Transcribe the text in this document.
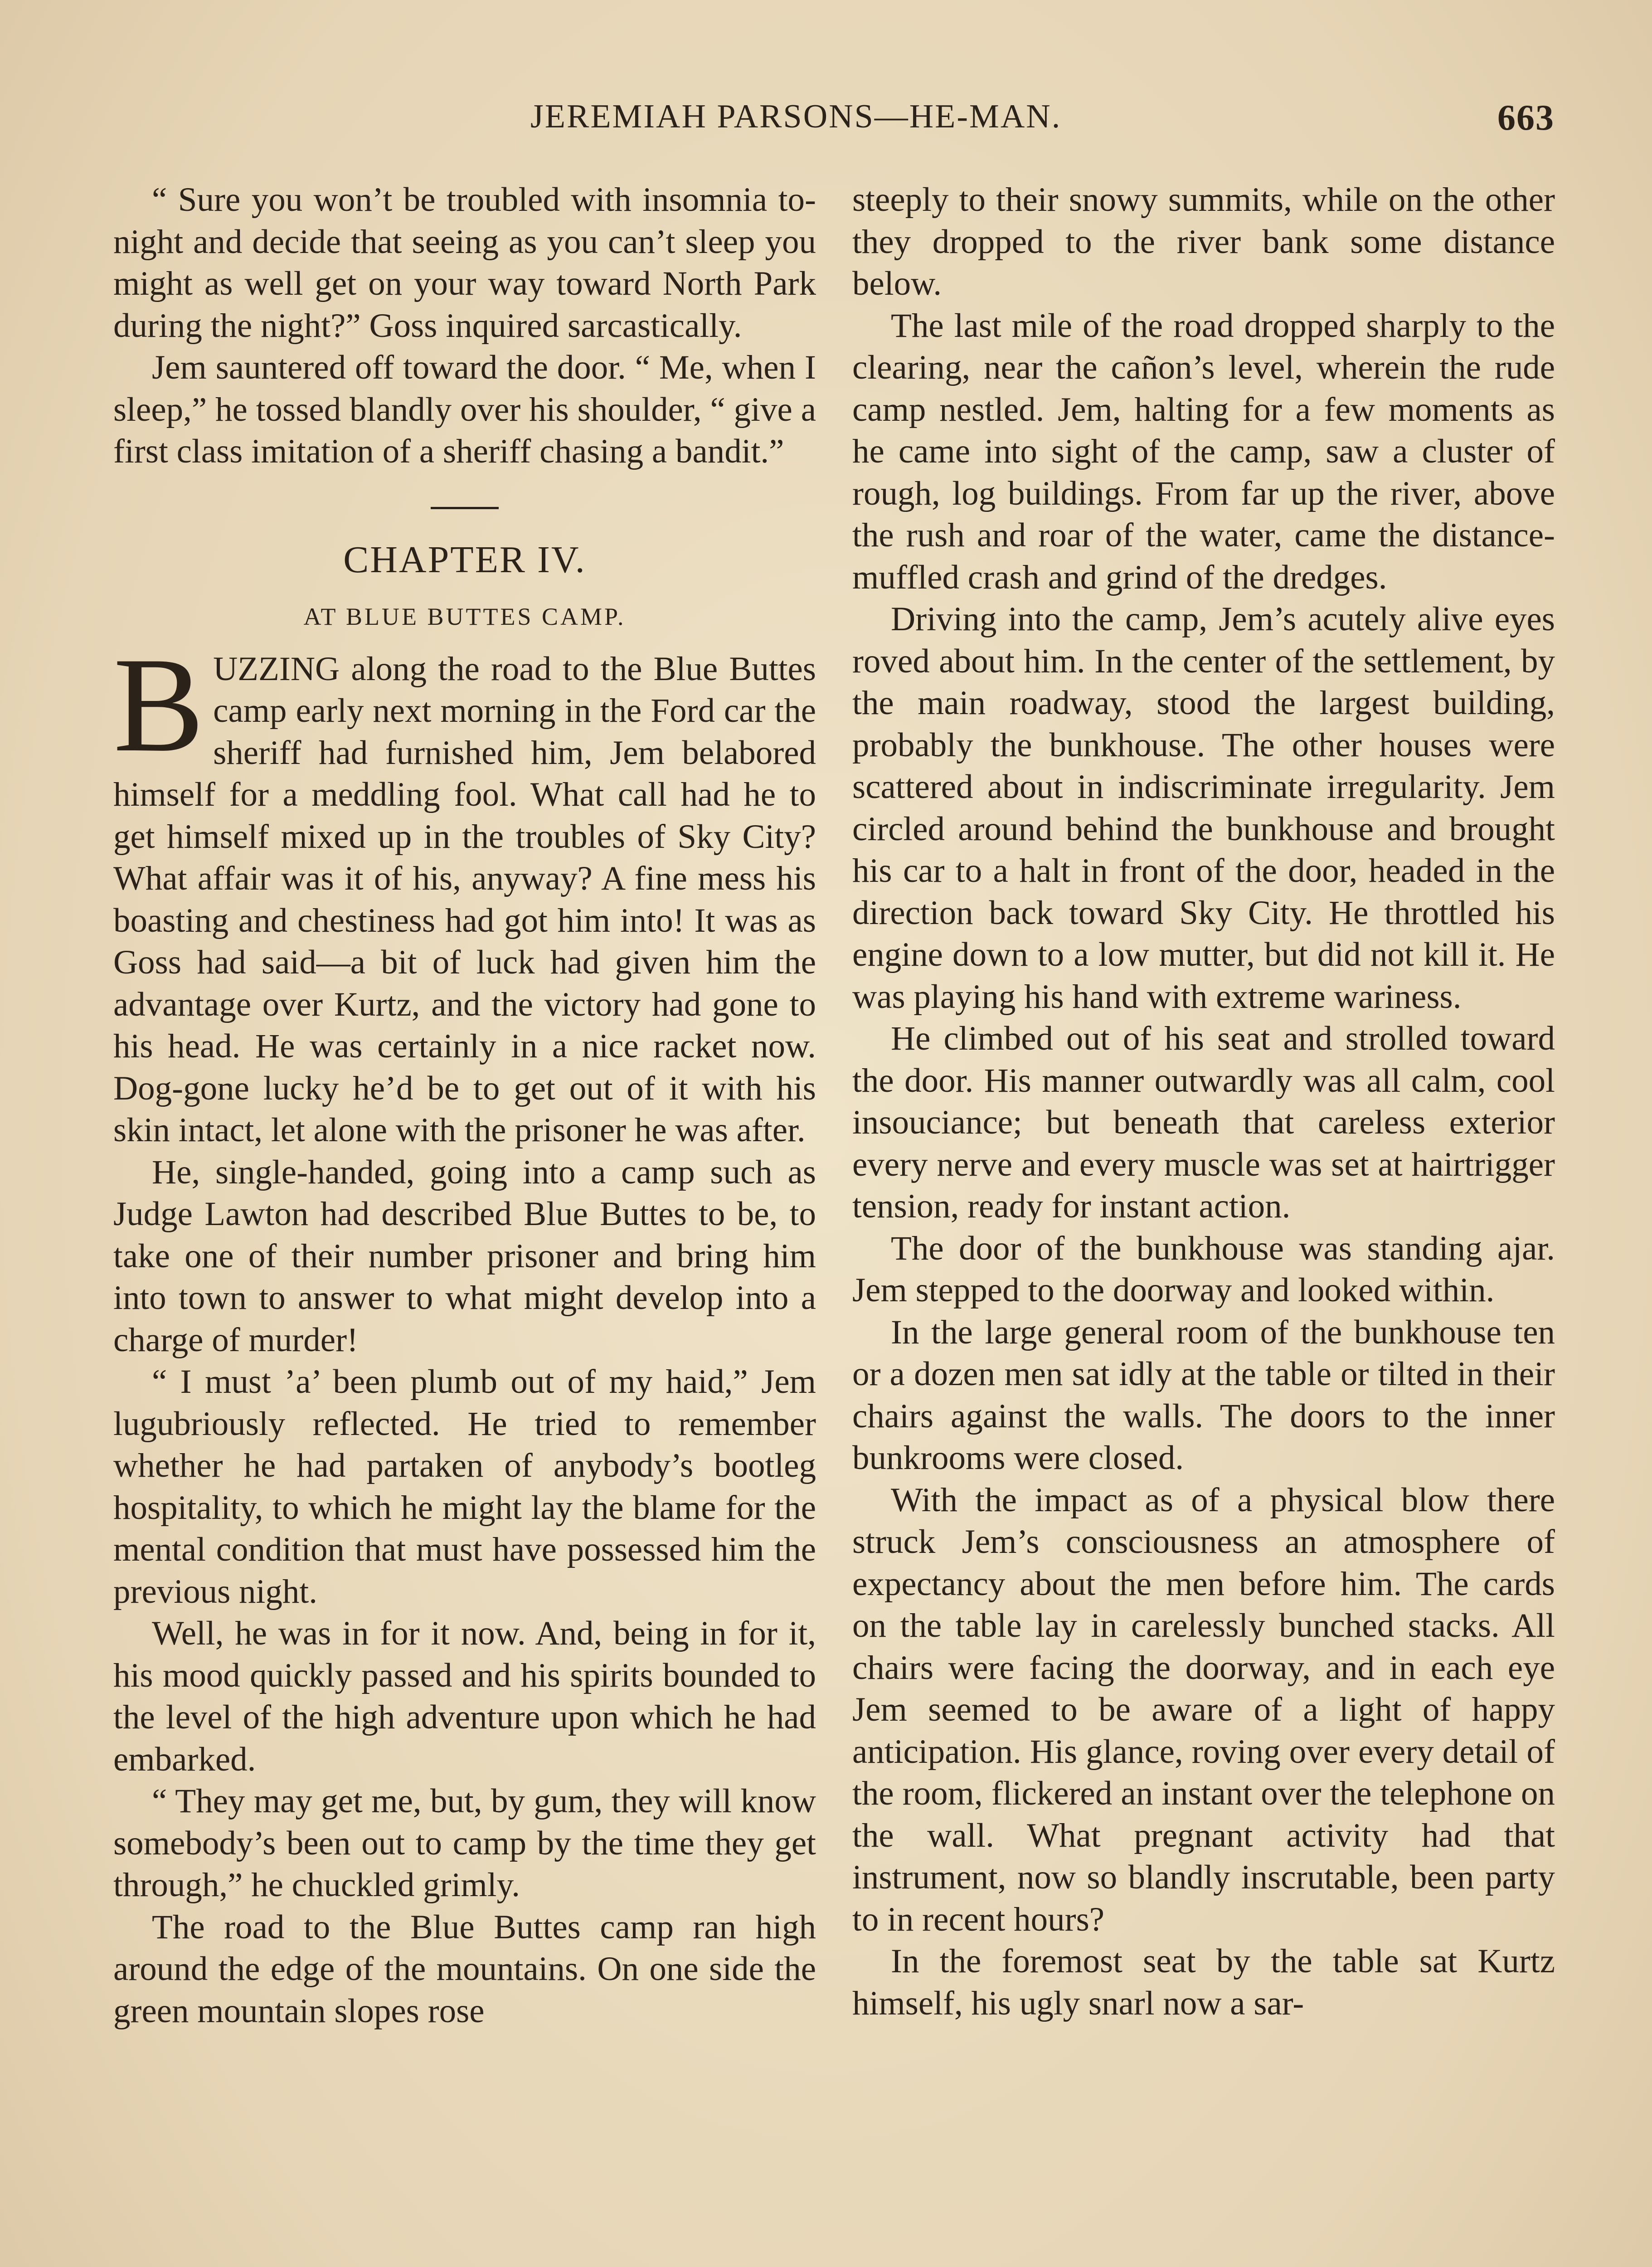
JEREMIAH PARSONS—HE-MAN.	663

“ Sure you won’t be troubled with insomnia to-night and decide that seeing as you can’t sleep you might as well get on your way toward North Park during the night?” Goss inquired sarcastically.

Jem sauntered off toward the door. “ Me, when I sleep,” he tossed blandly over his shoulder, “ give a first class imitation of a sheriff chasing a bandit.”

CHAPTER IV.
AT BLUE BUTTES CAMP.

BUZZING along the road to the Blue Buttes camp early next morning in the Ford car the sheriff had furnished him, Jem belabored himself for a meddling fool. What call had he to get himself mixed up in the troubles of Sky City? What affair was it of his, anyway? A fine mess his boasting and chestiness had got him into! It was as Goss had said—a bit of luck had given him the advantage over Kurtz, and the victory had gone to his head. He was certainly in a nice racket now. Dog-gone lucky he’d be to get out of it with his skin intact, let alone with the prisoner he was after.

He, single-handed, going into a camp such as Judge Lawton had described Blue Buttes to be, to take one of their number prisoner and bring him into town to answer to what might develop into a charge of murder!

“ I must ’a’ been plumb out of my haid,” Jem lugubriously reflected. He tried to remember whether he had partaken of anybody’s bootleg hospitality, to which he might lay the blame for the mental condition that must have possessed him the previous night.

Well, he was in for it now. And, being in for it, his mood quickly passed and his spirits bounded to the level of the high adventure upon which he had embarked.

“ They may get me, but, by gum, they will know somebody’s been out to camp by the time they get through,” he chuckled grimly.

The road to the Blue Buttes camp ran high around the edge of the mountains. On one side the green mountain slopes rose

steeply to their snowy summits, while on the other they dropped to the river bank some distance below.

The last mile of the road dropped sharply to the clearing, near the cañon’s level, wherein the rude camp nestled. Jem, halting for a few moments as he came into sight of the camp, saw a cluster of rough, log buildings. From far up the river, above the rush and roar of the water, came the distance-muffled crash and grind of the dredges.

Driving into the camp, Jem’s acutely alive eyes roved about him. In the center of the settlement, by the main roadway, stood the largest building, probably the bunkhouse. The other houses were scattered about in indiscriminate irregularity. Jem circled around behind the bunkhouse and brought his car to a halt in front of the door, headed in the direction back toward Sky City. He throttled his engine down to a low mutter, but did not kill it. He was playing his hand with extreme wariness.

He climbed out of his seat and strolled toward the door. His manner outwardly was all calm, cool insouciance; but beneath that careless exterior every nerve and every muscle was set at hairtrigger tension, ready for instant action.

The door of the bunkhouse was standing ajar. Jem stepped to the doorway and looked within.

In the large general room of the bunkhouse ten or a dozen men sat idly at the table or tilted in their chairs against the walls. The doors to the inner bunkrooms were closed.

With the impact as of a physical blow there struck Jem’s consciousness an atmosphere of expectancy about the men before him. The cards on the table lay in carelessly bunched stacks. All chairs were facing the doorway, and in each eye Jem seemed to be aware of a light of happy anticipation. His glance, roving over every detail of the room, flickered an instant over the telephone on the wall. What pregnant activity had that instrument, now so blandly inscrutable, been party to in recent hours?

In the foremost seat by the table sat Kurtz himself, his ugly snarl now a sar-
